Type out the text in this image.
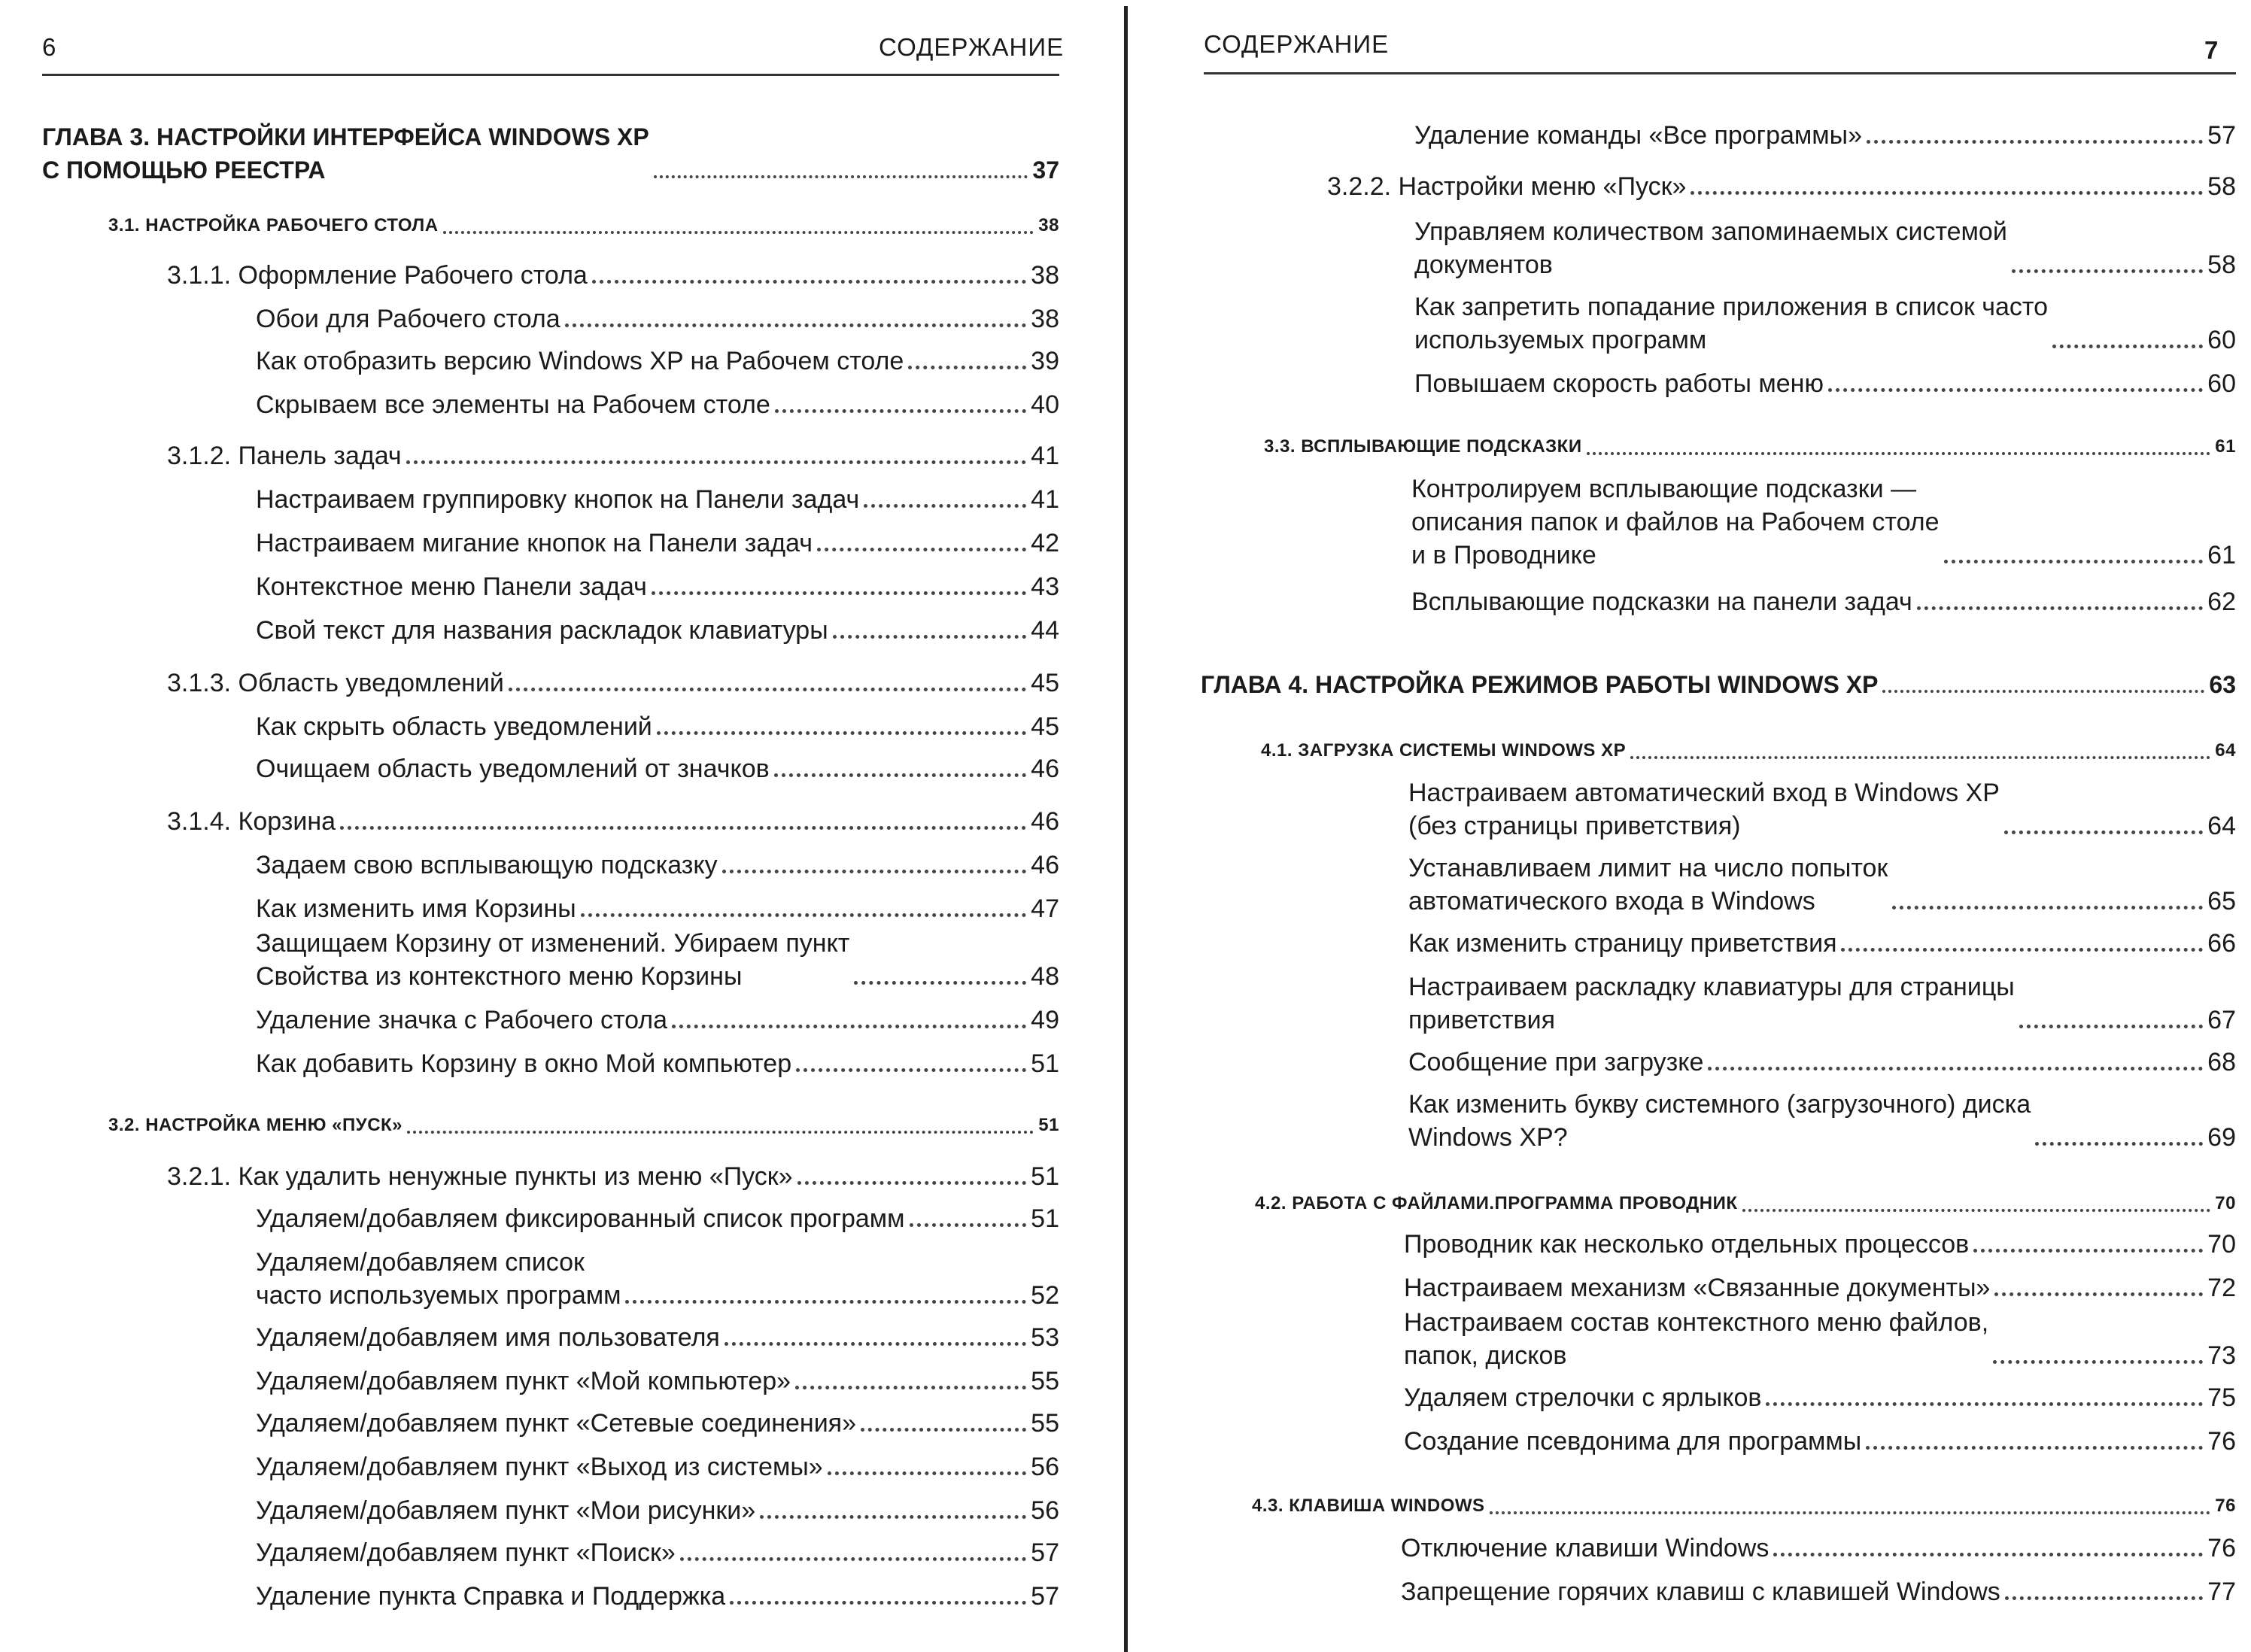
6	СОДЕРЖАНИЕ
ГЛАВА 3. НАСТРОЙКИ ИНТЕРФЕЙСА WINDOWS XP
С ПОМОЩЬЮ РЕЕСТРА	37
3.1. НАСТРОЙКА РАБОЧЕГО СТОЛА	38
3.1.1. Оформление Рабочего стола	38
Обои для Рабочего стола	38
Как отобразить версию Windows XP на Рабочем столе	39
Скрываем все элементы на Рабочем столе	40
3.1.2. Панель задач	41
Настраиваем группировку кнопок на Панели задач	41
Настраиваем мигание кнопок на Панели задач	42
Контекстное меню Панели задач	43
Свой текст для названия раскладок клавиатуры	44
3.1.3. Область уведомлений	45
Как скрыть область уведомлений	45
Очищаем область уведомлений от значков	46
3.1.4. Корзина	46
Задаем свою всплывающую подсказку	46
Как изменить имя Корзины	47
Защищаем Корзину от изменений. Убираем пункт
Свойства из контекстного меню Корзины	48
Удаление значка с Рабочего стола	49
Как добавить Корзину в окно Мой компьютер	51
3.2. НАСТРОЙКА МЕНЮ «ПУСК»	51
3.2.1. Как удалить ненужные пункты из меню «Пуск»	51
Удаляем/добавляем фиксированный список программ	51
Удаляем/добавляем список
часто используемых программ	52
Удаляем/добавляем имя пользователя	53
Удаляем/добавляем пункт «Мой компьютер»	55
Удаляем/добавляем пункт «Сетевые соединения»	55
Удаляем/добавляем пункт «Выход из системы»	56
Удаляем/добавляем пункт «Мои рисунки»	56
Удаляем/добавляем пункт «Поиск»	57
Удаление пункта Справка и Поддержка	57
СОДЕРЖАНИЕ	7
Удаление команды «Все программы»	57
3.2.2. Настройки меню «Пуск»	58
Управляем количеством запоминаемых системой
документов	58
Как запретить попадание приложения в список часто
используемых программ	60
Повышаем скорость работы меню	60
3.3. ВСПЛЫВАЮЩИЕ ПОДСКАЗКИ	61
Контролируем всплывающие подсказки —
описания папок и файлов на Рабочем столе
и в Проводнике	61
Всплывающие подсказки на панели задач	62
ГЛАВА 4. НАСТРОЙКА РЕЖИМОВ РАБОТЫ WINDOWS XP	63
4.1. ЗАГРУЗКА СИСТЕМЫ WINDOWS XP	64
Настраиваем автоматический вход в Windows XP
(без страницы приветствия)	64
Устанавливаем лимит на число попыток
автоматического входа в Windows	65
Как изменить страницу приветствия	66
Настраиваем раскладку клавиатуры для страницы
приветствия	67
Сообщение при загрузке	68
Как изменить букву системного (загрузочного) диска
Windows XP?	69
4.2. РАБОТА С ФАЙЛАМИ.ПРОГРАММА ПРОВОДНИК	70
Проводник как несколько отдельных процессов	70
Настраиваем механизм «Связанные документы»	72
Настраиваем состав контекстного меню файлов,
папок, дисков	73
Удаляем стрелочки с ярлыков	75
Создание псевдонима для программы	76
4.3. КЛАВИША WINDOWS	76
Отключение клавиши Windows	76
Запрещение горячих клавиш с клавишей Windows	77
